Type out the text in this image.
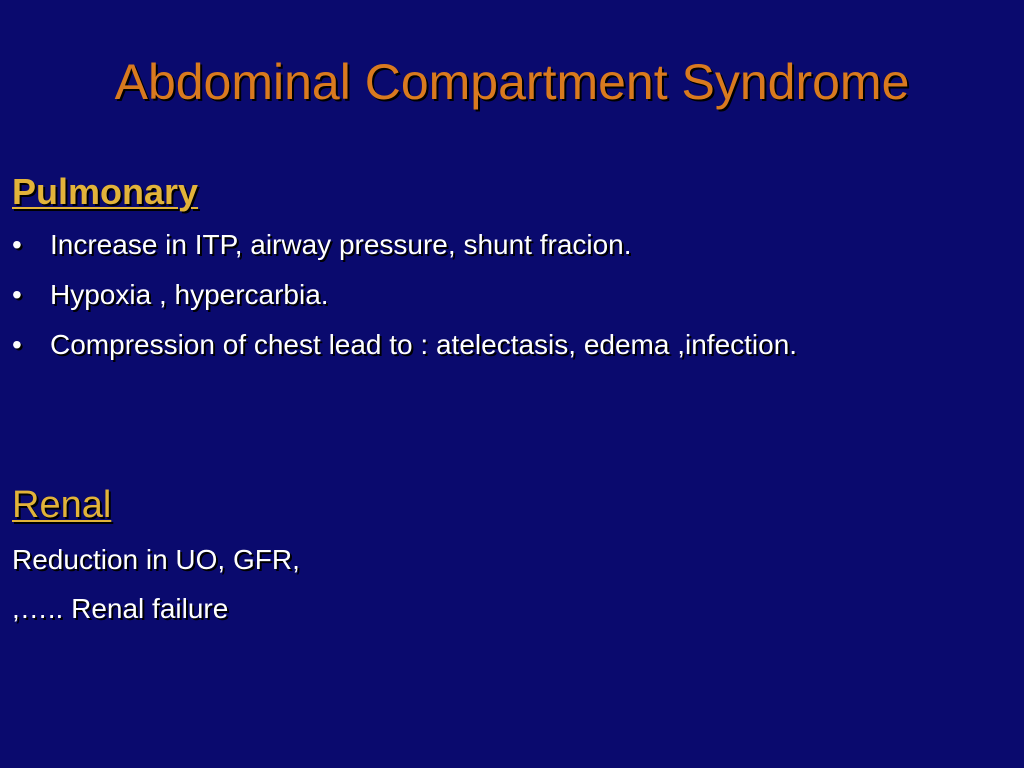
Abdominal Compartment Syndrome
Pulmonary
• Increase in ITP, airway pressure, shunt fracion.
• Hypoxia , hypercarbia.
• Compression of chest lead to : atelectasis, edema ,infection.
Renal
Reduction in UO, GFR,
,….. Renal failure
